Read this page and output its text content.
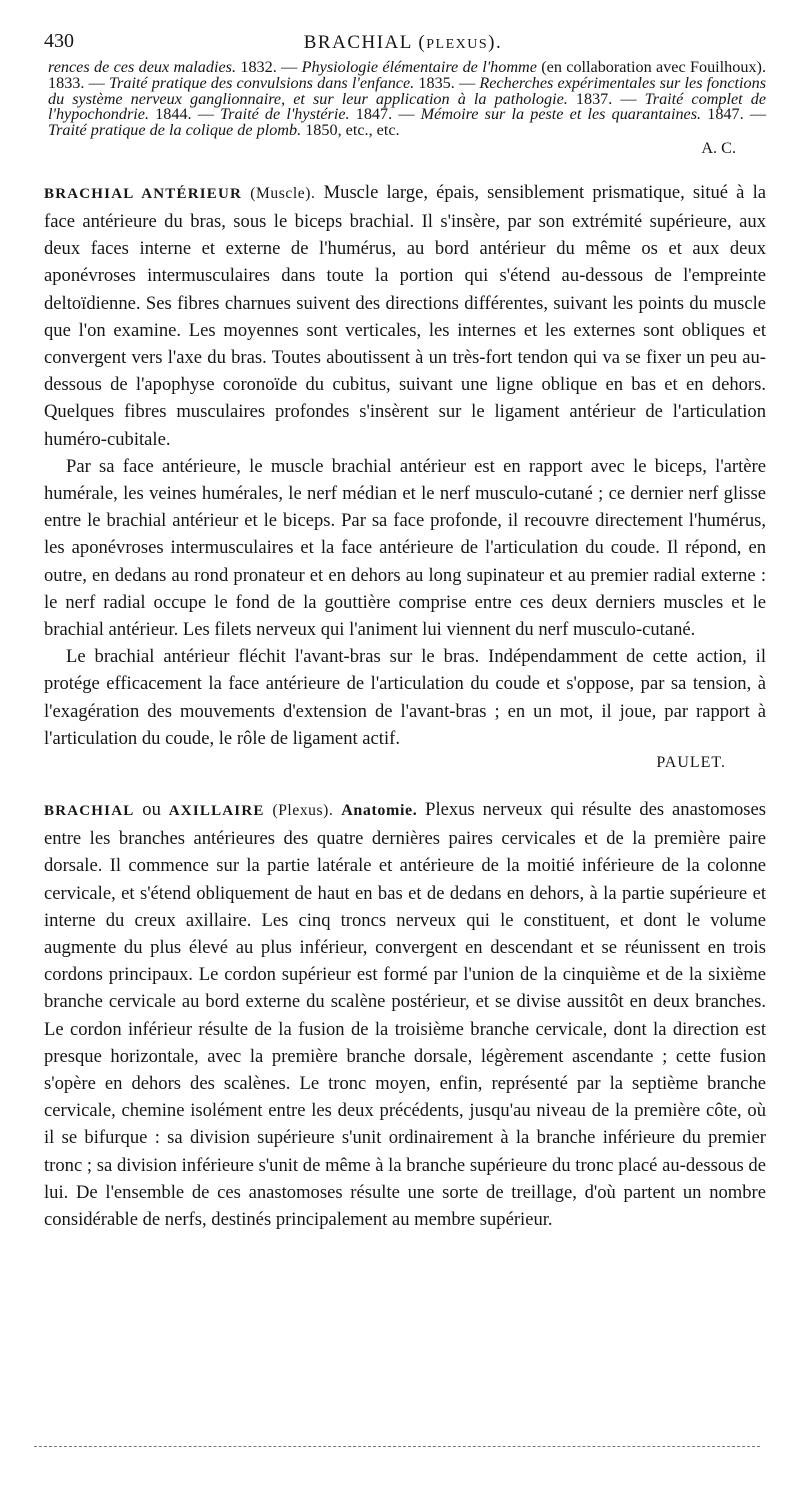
430	BRACHIAL (PLEXUS).

rences de ces deux maladies. 1832. — Physiologie élémentaire de l'homme (en collaboration avec Fouilhoux). 1833. — Traité pratique des convulsions dans l'enfance. 1835. — Recherches expérimentales sur les fonctions du système nerveux ganglionnaire, et sur leur application à la pathologie. 1837. — Traité complet de l'hypochondrie. 1844. — Traité de l'hystérie. 1847. — Mémoire sur la peste et les quarantaines. 1847. — Traité pratique de la colique de plomb. 1850, etc., etc.
A. C.

BRACHIAL ANTÉRIEUR (Muscle). Muscle large, épais, sensiblement prismatique, situé à la face antérieure du bras, sous le biceps brachial. Il s'insère, par son extrémité supérieure, aux deux faces interne et externe de l'humérus, au bord antérieur du même os et aux deux aponévroses intermusculaires dans toute la portion qui s'étend au-dessous de l'empreinte deltoïdienne. Ses fibres charnues suivent des directions différentes, suivant les points du muscle que l'on examine. Les moyennes sont verticales, les internes et les externes sont obliques et convergent vers l'axe du bras. Toutes aboutissent à un très-fort tendon qui va se fixer un peu au-dessous de l'apophyse coronoïde du cubitus, suivant une ligne oblique en bas et en dehors. Quelques fibres musculaires profondes s'insèrent sur le ligament antérieur de l'articulation huméro-cubitale.

Par sa face antérieure, le muscle brachial antérieur est en rapport avec le biceps, l'artère humérale, les veines humérales, le nerf médian et le nerf musculo-cutané ; ce dernier nerf glisse entre le brachial antérieur et le biceps. Par sa face profonde, il recouvre directement l'humérus, les aponévroses intermusculaires et la face antérieure de l'articulation du coude. Il répond, en outre, en dedans au rond pronateur et en dehors au long supinateur et au premier radial externe : le nerf radial occupe le fond de la gouttière comprise entre ces deux derniers muscles et le brachial antérieur. Les filets nerveux qui l'animent lui viennent du nerf musculo-cutané.

Le brachial antérieur fléchit l'avant-bras sur le bras. Indépendamment de cette action, il protége efficacement la face antérieure de l'articulation du coude et s'oppose, par sa tension, à l'exagération des mouvements d'extension de l'avant-bras ; en un mot, il joue, par rapport à l'articulation du coude, le rôle de ligament actif.

PAULET.

BRACHIAL ou AXILLAIRE (Plexus). Anatomie. Plexus nerveux qui résulte des anastomoses entre les branches antérieures des quatre dernières paires cervicales et de la première paire dorsale. Il commence sur la partie latérale et antérieure de la moitié inférieure de la colonne cervicale, et s'étend obliquement de haut en bas et de dedans en dehors, à la partie supérieure et interne du creux axillaire. Les cinq troncs nerveux qui le constituent, et dont le volume augmente du plus élevé au plus inférieur, convergent en descendant et se réunissent en trois cordons principaux. Le cordon supérieur est formé par l'union de la cinquième et de la sixième branche cervicale au bord externe du scalène postérieur, et se divise aussitôt en deux branches. Le cordon inférieur résulte de la fusion de la troisième branche cervicale, dont la direction est presque horizontale, avec la première branche dorsale, légèrement ascendante ; cette fusion s'opère en dehors des scalènes. Le tronc moyen, enfin, représenté par la septième branche cervicale, chemine isolément entre les deux précédents, jusqu'au niveau de la première côte, où il se bifurque : sa division supérieure s'unit ordinairement à la branche inférieure du premier tronc ; sa division inférieure s'unit de même à la branche supérieure du tronc placé au-dessous de lui. De l'ensemble de ces anastomoses résulte une sorte de treillage, d'où partent un nombre considérable de nerfs, destinés principalement au membre supérieur.
